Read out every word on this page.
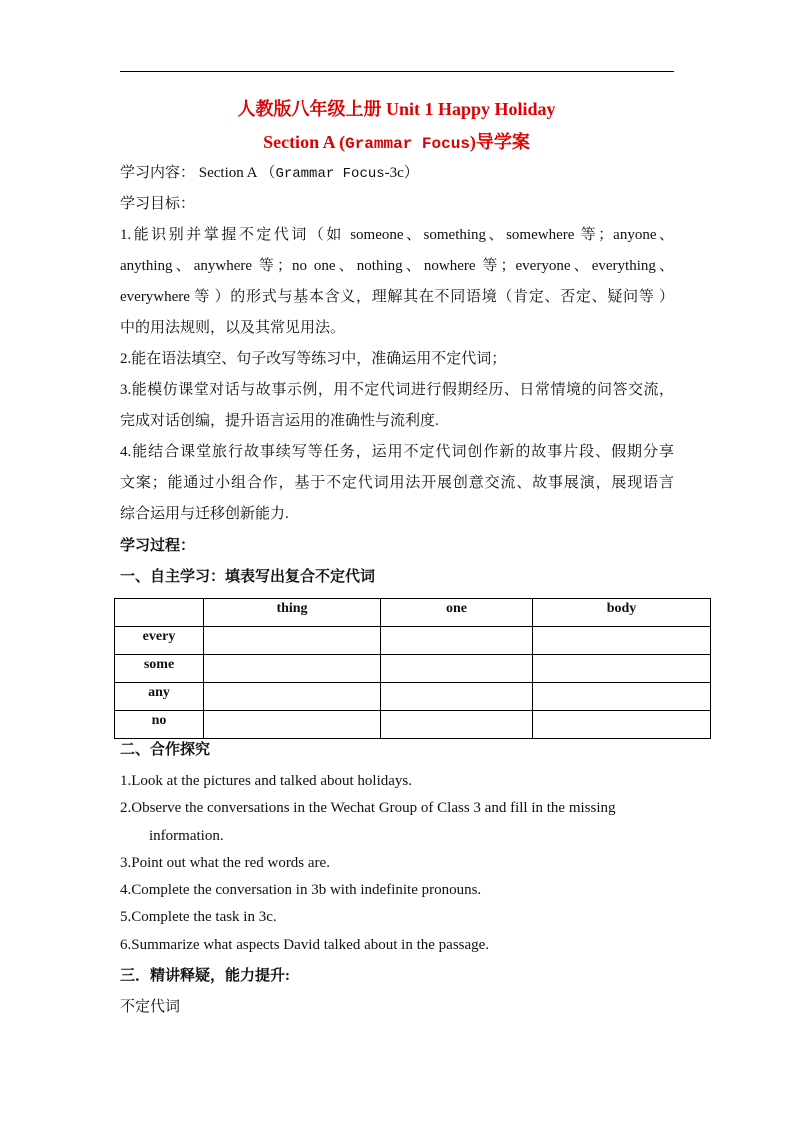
人教版八年级上册 Unit 1 Happy Holiday
Section A (Grammar Focus)导学案
学习内容： Section A （Grammar Focus-3c）
学习目标：
1.能识别并掌握不定代词（如 someone、something、somewhere 等；anyone、
anything、anywhere 等；no one、nothing、nowhere 等；everyone、everything、
everywhere 等 ）的形式与基本含义，理解其在不同语境（肯定、否定、疑问等 ）
中的用法规则，以及其常见用法。
2.能在语法填空、句子改写等练习中，准确运用不定代词；
3.能模仿课堂对话与故事示例，用不定代词进行假期经历、日常情境的问答交流，
完成对话创编，提升语言运用的准确性与流利度.
4.能结合课堂旅行故事续写等任务，运用不定代词创作新的故事片段、假期分享
文案；能通过小组合作，基于不定代词用法开展创意交流、故事展演，展现语言
综合运用与迁移创新能力.
学习过程：
一、自主学习：填表写出复合不定代词
	thing	one	body
every			
some			
any			
no			
二、合作探究
1.Look at the pictures and talked about holidays.
2.Observe the conversations in the Wechat Group of Class 3 and fill in the missing
information.
3.Point out what the red words are.
4.Complete the conversation in 3b with indefinite pronouns.
5.Complete the task in 3c.
6.Summarize what aspects David talked about in the passage.
三．精讲释疑，能力提升:
不定代词
